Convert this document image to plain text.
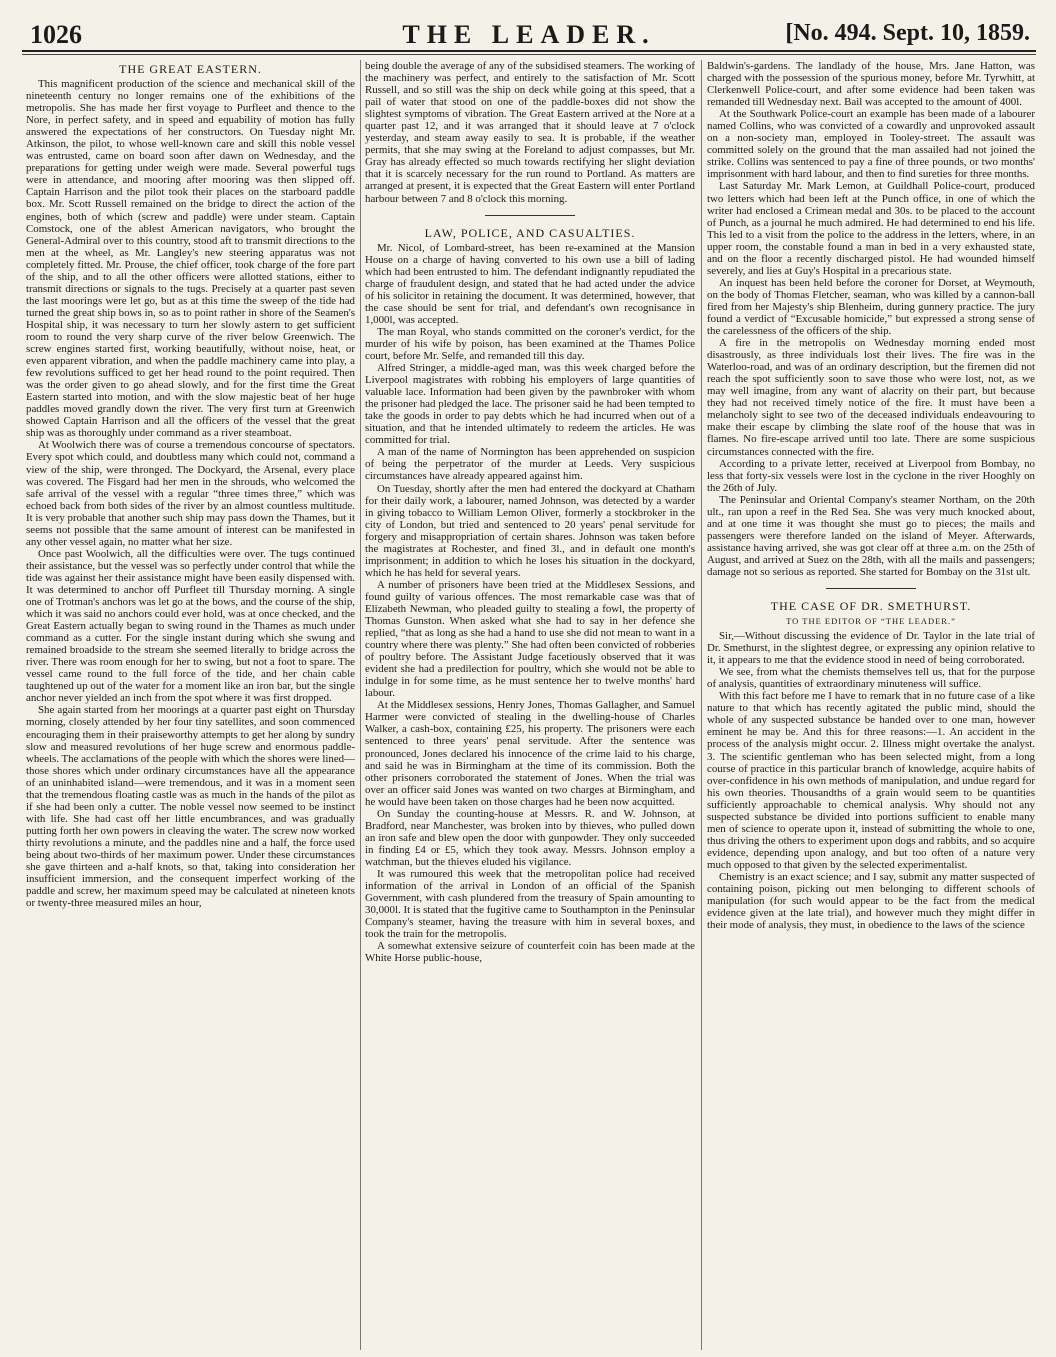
1026	THE LEADER.	[No. 494. Sept. 10, 1859.
THE GREAT EASTERN.

This magnificent production of the science and mechanical skill of the nineteenth century no longer remains one of the exhibitions of the metropolis. She has made her first voyage to Purfleet and thence to the Nore, in perfect safety, and in speed and equability of motion has fully answered the expectations of her constructors. On Tuesday night Mr. Atkinson, the pilot, to whose well-known care and skill this noble vessel was entrusted, came on board soon after dawn on Wednesday, and the preparations for getting under weigh were made. Several powerful tugs were in attendance, and mooring after mooring was then slipped off. Captain Harrison and the pilot took their places on the starboard paddle box. Mr. Scott Russell remained on the bridge to direct the action of the engines, both of which (screw and paddle) were under steam. Captain Comstock, one of the ablest American navigators, who brought the General-Admiral over to this country, stood aft to transmit directions to the men at the wheel, as Mr. Langley's new steering apparatus was not completely fitted. Mr. Prouse, the chief officer, took charge of the fore part of the ship, and to all the other officers were allotted stations, either to transmit directions or signals to the tugs. Precisely at a quarter past seven the last moorings were let go, but as at this time the sweep of the tide had turned the great ship bows in, so as to point rather in shore of the Seamen's Hospital ship, it was necessary to turn her slowly astern to get sufficient room to round the very sharp curve of the river below Greenwich. The screw engines started first, working beautifully, without noise, heat, or even apparent vibration, and when the paddle machinery came into play, a few revolutions sufficed to get her head round to the point required. Then was the order given to go ahead slowly, and for the first time the Great Eastern started into motion, and with the slow majestic beat of her huge paddles moved grandly down the river. The very first turn at Greenwich showed Captain Harrison and all the officers of the vessel that the great ship was as thoroughly under command as a river steamboat.

At Woolwich there was of course a tremendous concourse of spectators. Every spot which could, and doubtless many which could not, command a view of the ship, were thronged. The Dockyard, the Arsenal, every place was covered. The Fisgard had her men in the shrouds, who welcomed the safe arrival of the vessel with a regular “three times three,” which was echoed back from both sides of the river by an almost countless multitude. It is very probable that another such ship may pass down the Thames, but it seems not possible that the same amount of interest can be manifested in any other vessel again, no matter what her size.

Once past Woolwich, all the difficulties were over. The tugs continued their assistance, but the vessel was so perfectly under control that while the tide was against her their assistance might have been easily dispensed with. It was determined to anchor off Purfleet till Thursday morning. A single one of Trotman's anchors was let go at the bows, and the course of the ship, which it was said no anchors could ever hold, was at once checked, and the Great Eastern actually began to swing round in the Thames as much under command as a cutter. For the single instant during which she swung and remained broadside to the stream she seemed literally to bridge across the river. There was room enough for her to swing, but not a foot to spare. The vessel came round to the full force of the tide, and her chain cable taughtened up out of the water for a moment like an iron bar, but the single anchor never yielded an inch from the spot where it was first dropped.

She again started from her moorings at a quarter past eight on Thursday morning, closely attended by her four tiny satellites, and soon commenced encouraging them in their praiseworthy attempts to get her along by sundry slow and measured revolutions of her huge screw and enormous paddle-wheels. The acclamations of the people with which the shores were lined—those shores which under ordinary circumstances have all the appearance of an uninhabited island—were tremendous, and it was in a moment seen that the tremendous floating castle was as much in the hands of the pilot as if she had been only a cutter. The noble vessel now seemed to be instinct with life. She had cast off her little encumbrances, and was gradually putting forth her own powers in cleaving the water. The screw now worked thirty revolutions a minute, and the paddles nine and a half, the force used being about two-thirds of her maximum power. Under these circumstances she gave thirteen and a-half knots, so that, taking into consideration her insufficient immersion, and the consequent imperfect working of the paddle and screw, her maximum speed may be calculated at nineteen knots or twenty-three measured miles an hour,

being double the average of any of the subsidised steamers. The working of the machinery was perfect, and entirely to the satisfaction of Mr. Scott Russell, and so still was the ship on deck while going at this speed, that a pail of water that stood on one of the paddle-boxes did not show the slightest symptoms of vibration. The Great Eastern arrived at the Nore at a quarter past 12, and it was arranged that it should leave at 7 o'clock yesterday, and steam away easily to sea. It is probable, if the weather permits, that she may swing at the Foreland to adjust compasses, but Mr. Gray has already effected so much towards rectifying her slight deviation that it is scarcely necessary for the run round to Portland. As matters are arranged at present, it is expected that the Great Eastern will enter Portland harbour between 7 and 8 o'clock this morning.

LAW, POLICE, AND CASUALTIES.

Mr. Nicol, of Lombard-street, has been re-examined at the Mansion House on a charge of having converted to his own use a bill of lading which had been entrusted to him. The defendant indignantly repudiated the charge of fraudulent design, and stated that he had acted under the advice of his solicitor in retaining the document. It was determined, however, that the case should be sent for trial, and defendant's own recognisance in 1,000l, was accepted.

The man Royal, who stands committed on the coroner's verdict, for the murder of his wife by poison, has been examined at the Thames Police court, before Mr. Selfe, and remanded till this day.

Alfred Stringer, a middle-aged man, was this week charged before the Liverpool magistrates with robbing his employers of large quantities of valuable lace. Information had been given by the pawnbroker with whom the prisoner had pledged the lace. The prisoner said he had been tempted to take the goods in order to pay debts which he had incurred when out of a situation, and that he intended ultimately to redeem the articles. He was committed for trial.

A man of the name of Normington has been apprehended on suspicion of being the perpetrator of the murder at Leeds. Very suspicious circumstances have already appeared against him.

On Tuesday, shortly after the men had entered the dockyard at Chatham for their daily work, a labourer, named Johnson, was detected by a warder in giving tobacco to William Lemon Oliver, formerly a stockbroker in the city of London, but tried and sentenced to 20 years' penal servitude for forgery and misappropriation of certain shares. Johnson was taken before the magistrates at Rochester, and fined 3l., and in default one month's imprisonment; in addition to which he loses his situation in the dockyard, which he has held for several years.

A number of prisoners have been tried at the Middlesex Sessions, and found guilty of various offences. The most remarkable case was that of Elizabeth Newman, who pleaded guilty to stealing a fowl, the property of Thomas Gunston. When asked what she had to say in her defence she replied, “that as long as she had a hand to use she did not mean to want in a country where there was plenty.” She had often been convicted of robberies of poultry before. The Assistant Judge facetiously observed that it was evident she had a predilection for poultry, which she would not be able to indulge in for some time, as he must sentence her to twelve months' hard labour.

At the Middlesex sessions, Henry Jones, Thomas Gallagher, and Samuel Harmer were convicted of stealing in the dwelling-house of Charles Walker, a cash-box, containing £25, his property. The prisoners were each sentenced to three years' penal servitude. After the sentence was pronounced, Jones declared his innocence of the crime laid to his charge, and said he was in Birmingham at the time of its commission. Both the other prisoners corroborated the statement of Jones. When the trial was over an officer said Jones was wanted on two charges at Birmingham, and he would have been taken on those charges had he been now acquitted.

On Sunday the counting-house at Messrs. R. and W. Johnson, at Bradford, near Manchester, was broken into by thieves, who pulled down an iron safe and blew open the door with gunpowder. They only succeeded in finding £4 or £5, which they took away. Messrs. Johnson employ a watchman, but the thieves eluded his vigilance.

It was rumoured this week that the metropolitan police had received information of the arrival in London of an official of the Spanish Government, with cash plundered from the treasury of Spain amounting to 30,000l. It is stated that the fugitive came to Southampton in the Peninsular Company's steamer, having the treasure with him in several boxes, and took the train for the metropolis.

A somewhat extensive seizure of counterfeit coin has been made at the White Horse public-house,

Baldwin's-gardens. The landlady of the house, Mrs. Jane Hatton, was charged with the possession of the spurious money, before Mr. Tyrwhitt, at Clerkenwell Police-court, and after some evidence had been taken was remanded till Wednesday next. Bail was accepted to the amount of 400l.

At the Southwark Police-court an example has been made of a labourer named Collins, who was convicted of a cowardly and unprovoked assault on a non-society man, employed in Tooley-street. The assault was committed solely on the ground that the man assailed had not joined the strike. Collins was sentenced to pay a fine of three pounds, or two months' imprisonment with hard labour, and then to find sureties for three months.

Last Saturday Mr. Mark Lemon, at Guildhall Police-court, produced two letters which had been left at the Punch office, in one of which the writer had enclosed a Crimean medal and 30s. to be placed to the account of Punch, as a journal he much admired. He had determined to end his life. This led to a visit from the police to the address in the letters, where, in an upper room, the constable found a man in bed in a very exhausted state, and on the floor a recently discharged pistol. He had wounded himself severely, and lies at Guy's Hospital in a precarious state.

An inquest has been held before the coroner for Dorset, at Weymouth, on the body of Thomas Fletcher, seaman, who was killed by a cannon-ball fired from her Majesty's ship Blenheim, during gunnery practice. The jury found a verdict of “Excusable homicide,” but expressed a strong sense of the carelessness of the officers of the ship.

A fire in the metropolis on Wednesday morning ended most disastrously, as three individuals lost their lives. The fire was in the Waterloo-road, and was of an ordinary description, but the firemen did not reach the spot sufficiently soon to save those who were lost, not, as we may well imagine, from any want of alacrity on their part, but because they had not received timely notice of the fire. It must have been a melancholy sight to see two of the deceased individuals endeavouring to make their escape by climbing the slate roof of the house that was in flames. No fire-escape arrived until too late. There are some suspicious circumstances connected with the fire.

According to a private letter, received at Liverpool from Bombay, no less that forty-six vessels were lost in the cyclone in the river Hooghly on the 26th of July.

The Peninsular and Oriental Company's steamer Northam, on the 20th ult., ran upon a reef in the Red Sea. She was very much knocked about, and at one time it was thought she must go to pieces; the mails and passengers were therefore landed on the island of Meyer. Afterwards, assistance having arrived, she was got clear off at three a.m. on the 25th of August, and arrived at Suez on the 28th, with all the mails and passengers; damage not so serious as reported. She started for Bombay on the 31st ult.

THE CASE OF DR. SMETHURST.
TO THE EDITOR OF “THE LEADER.”

Sir,—Without discussing the evidence of Dr. Taylor in the late trial of Dr. Smethurst, in the slightest degree, or expressing any opinion relative to it, it appears to me that the evidence stood in need of being corroborated.

We see, from what the chemists themselves tell us, that for the purpose of analysis, quantities of extraordinary minuteness will suffice.

With this fact before me I have to remark that in no future case of a like nature to that which has recently agitated the public mind, should the whole of any suspected substance be handed over to one man, however eminent he may be. And this for three reasons:—1. An accident in the process of the analysis might occur. 2. Illness might overtake the analyst. 3. The scientific gentleman who has been selected might, from a long course of practice in this particular branch of knowledge, acquire habits of over-confidence in his own methods of manipulation, and undue regard for his own theories. Thousandths of a grain would seem to be quantities sufficiently approachable to chemical analysis. Why should not any suspected substance be divided into portions sufficient to enable many men of science to operate upon it, instead of submitting the whole to one, thus driving the others to experiment upon dogs and rabbits, and so acquire evidence, depending upon analogy, and but too often of a nature very much opposed to that given by the selected experimentalist.

Chemistry is an exact science; and I say, submit any matter suspected of containing poison, picking out men belonging to different schools of manipulation (for such would appear to be the fact from the medical evidence given at the late trial), and however much they might differ in their mode of analysis, they must, in obedience to the laws of the science
